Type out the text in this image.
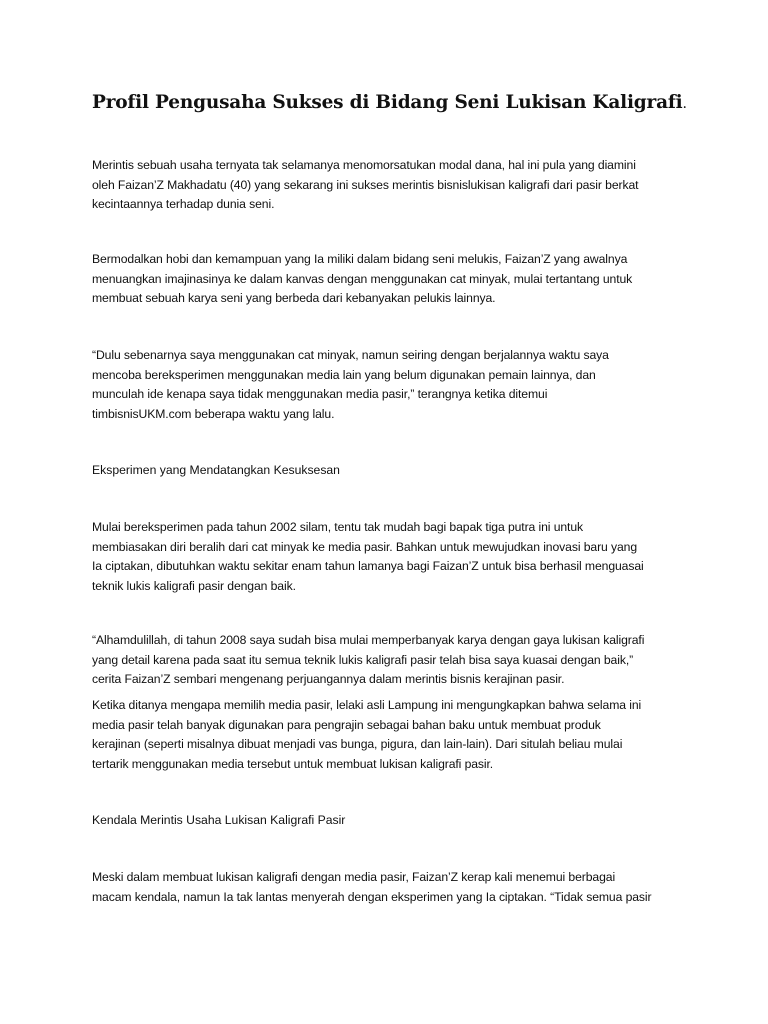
Profil Pengusaha Sukses di Bidang Seni Lukisan Kaligrafi.

Merintis sebuah usaha ternyata tak selamanya menomorsatukan modal dana, hal ini pula yang diamini
oleh Faizan’Z Makhadatu (40) yang sekarang ini sukses merintis bisnislukisan kaligrafi dari pasir berkat
kecintaannya terhadap dunia seni.

Bermodalkan hobi dan kemampuan yang Ia miliki dalam bidang seni melukis, Faizan’Z yang awalnya
menuangkan imajinasinya ke dalam kanvas dengan menggunakan cat minyak, mulai tertantang untuk
membuat sebuah karya seni yang berbeda dari kebanyakan pelukis lainnya.

“Dulu sebenarnya saya menggunakan cat minyak, namun seiring dengan berjalannya waktu saya
mencoba bereksperimen menggunakan media lain yang belum digunakan pemain lainnya, dan
munculah ide kenapa saya tidak menggunakan media pasir,” terangnya ketika ditemui
timbisnisUKM.com beberapa waktu yang lalu.

Eksperimen yang Mendatangkan Kesuksesan

Mulai bereksperimen pada tahun 2002 silam, tentu tak mudah bagi bapak tiga putra ini untuk
membiasakan diri beralih dari cat minyak ke media pasir. Bahkan untuk mewujudkan inovasi baru yang
Ia ciptakan, dibutuhkan waktu sekitar enam tahun lamanya bagi Faizan’Z untuk bisa berhasil menguasai
teknik lukis kaligrafi pasir dengan baik.

“Alhamdulillah, di tahun 2008 saya sudah bisa mulai memperbanyak karya dengan gaya lukisan kaligrafi
yang detail karena pada saat itu semua teknik lukis kaligrafi pasir telah bisa saya kuasai dengan baik,”
cerita Faizan’Z sembari mengenang perjuangannya dalam merintis bisnis kerajinan pasir.

Ketika ditanya mengapa memilih media pasir, lelaki asli Lampung ini mengungkapkan bahwa selama ini
media pasir telah banyak digunakan para pengrajin sebagai bahan baku untuk membuat produk
kerajinan (seperti misalnya dibuat menjadi vas bunga, pigura, dan lain-lain). Dari situlah beliau mulai
tertarik menggunakan media tersebut untuk membuat lukisan kaligrafi pasir.

Kendala Merintis Usaha Lukisan Kaligrafi Pasir

Meski dalam membuat lukisan kaligrafi dengan media pasir, Faizan’Z kerap kali menemui berbagai
macam kendala, namun Ia tak lantas menyerah dengan eksperimen yang Ia ciptakan. “Tidak semua pasir
